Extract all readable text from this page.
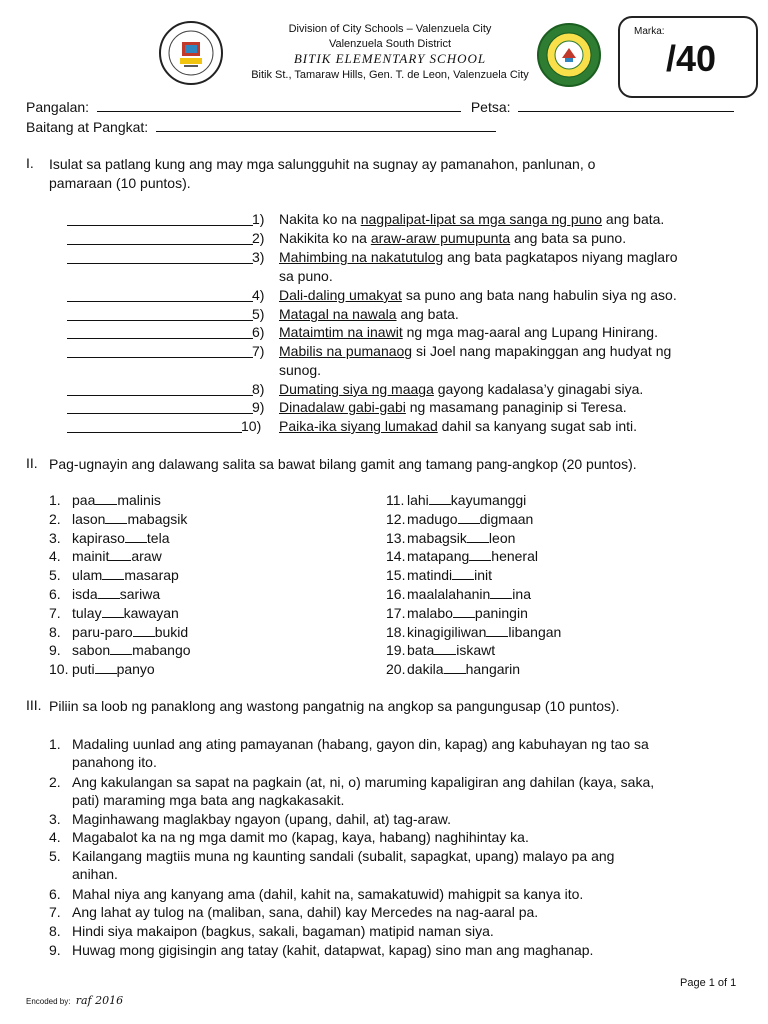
Division of City Schools – Valenzuela City
Valenzuela South District
BITIK ELEMENTARY SCHOOL
Bitik St., Tamaraw Hills, Gen. T. de Leon, Valenzuela City
Marka:
/40
Pangalan:	Petsa:
Baitang at Pangkat:
I. Isulat sa patlang kung ang may mga salungguhit na sugnay ay pamanahon, panlunan, o
pamaraan (10 puntos).
1) Nakita ko na nagpalipat-lipat sa mga sanga ng puno ang bata.
2) Nakikita ko na araw-araw pumupunta ang bata sa puno.
3) Mahimbing na nakatutulog ang bata pagkatapos niyang maglaro
sa puno.
4) Dali-daling umakyat sa puno ang bata nang habulin siya ng aso.
5) Matagal na nawala ang bata.
6) Mataimtim na inawit ng mga mag-aaral ang Lupang Hinirang.
7) Mabilis na pumanaog si Joel nang mapakinggan ang hudyat ng
sunog.
8) Dumating siya ng maaga gayong kadalasa’y ginagabi siya.
9) Dinadalaw gabi-gabi ng masamang panaginip si Teresa.
10) Paika-ika siyang lumakad dahil sa kanyang sugat sab inti.
II. Pag-ugnayin ang dalawang salita sa bawat bilang gamit ang tamang pang-angkop (20 puntos).
1. paa malinis
2. lason mabagsik
3. kapiraso tela
4. mainit araw
5. ulam masarap
6. isda sariwa
7. tulay kawayan
8. paru-paro bukid
9. sabon mabango
10. puti panyo
11. lahi kayumanggi
12. madugo digmaan
13. mabagsik leon
14. matapang heneral
15. matindi init
16. maalalahanin ina
17. malabo paningin
18. kinagigiliwan libangan
19. bata iskawt
20. dakila hangarin
III. Piliin sa loob ng panaklong ang wastong pangatnig na angkop sa pangungusap (10 puntos).
1. Madaling uunlad ang ating pamayanan (habang, gayon din, kapag) ang kabuhayan ng tao sa
panahong ito.
2. Ang kakulangan sa sapat na pagkain (at, ni, o) maruming kapaligiran ang dahilan (kaya, saka,
pati) maraming mga bata ang nagkakasakit.
3. Maginhawang maglakbay ngayon (upang, dahil, at) tag-araw.
4. Magabalot ka na ng mga damit mo (kapag, kaya, habang) naghihintay ka.
5. Kailangang magtiis muna ng kaunting sandali (subalit, sapagkat, upang) malayo pa ang
anihan.
6. Mahal niya ang kanyang ama (dahil, kahit na, samakatuwid) mahigpit sa kanya ito.
7. Ang lahat ay tulog na (maliban, sana, dahil) kay Mercedes na nag-aaral pa.
8. Hindi siya makaipon (bagkus, sakali, bagaman) matipid naman siya.
9. Huwag mong gigisingin ang tatay (kahit, datapwat, kapag) sino man ang maghanap.
Encoded by: raf 2016
Page 1 of 1
